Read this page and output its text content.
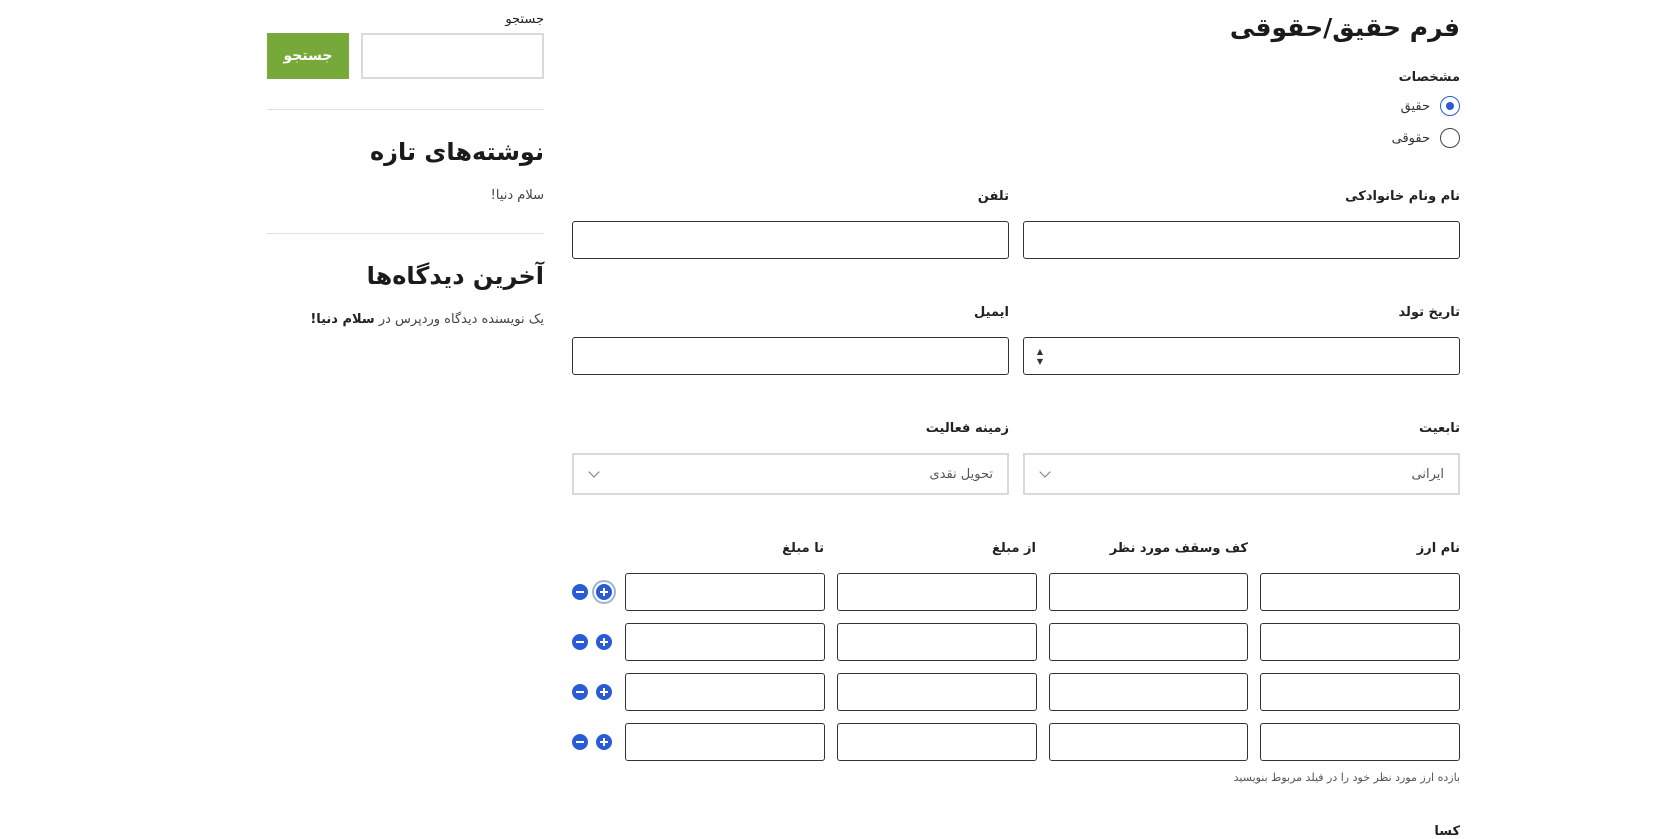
جستجو
جستجو
نوشته‌های تازه
سلام دنیا!
آخرین دیدگاه‌ها
یک نویسنده دیدگاه وردپرس در سلام دنیا!
فرم حقیق/حقوقی
مشخصات
حقیق
حقوقی
نام ونام خانوادکی
تلفن
تاریخ تولد
▲
▼
ایمیل
تابعیت
ایرانی
زمینه فعالیت
تحویل نقدی
نام ارز
کف وسقف مورد نظر
از مبلغ
تا مبلغ
بازده ارز مورد نظر خود را در فیلد مربوط بنویسید
کسا
